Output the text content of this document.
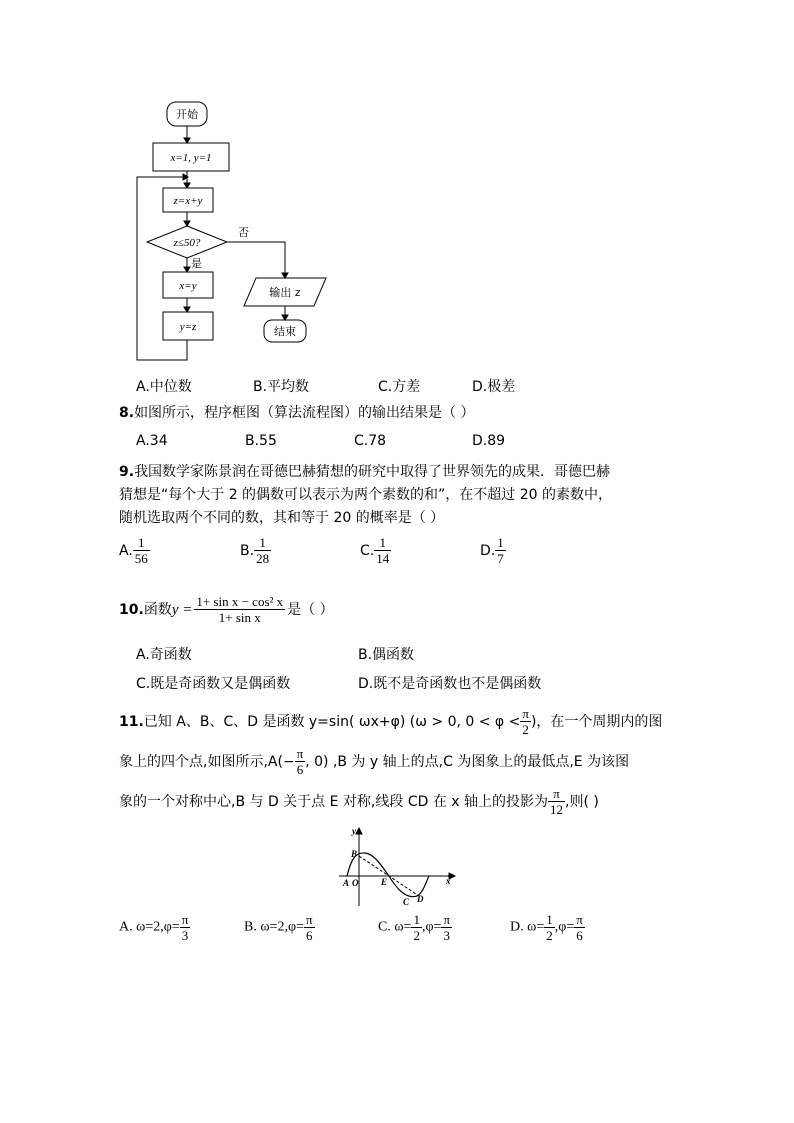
开始
x=1, y=1
z=x+y
z≤50?
否
是
x=y
y=z
输出 z
结束
A.中位数	B.平均数	C.方差	D.极差
8.如图所示，程序框图（算法流程图）的输出结果是（ ）
A.34	B.55	C.78	D.89
9.我国数学家陈景润在哥德巴赫猜想的研究中取得了世界领先的成果．哥德巴赫
猜想是“每个大于 2 的偶数可以表示为两个素数的和”，在不超过 20 的素数中，
随机选取两个不同的数，其和等于 20 的概率是（ ）
A. $\frac{1}{56}$	B. $\frac{1}{28}$	C. $\frac{1}{14}$	D. $\frac{1}{7}$
10.函数$y = \frac{\text{1+ sin x − cos² x}}{\text{1+ sin x}}$ 是（ ）
A.奇函数	B.偶函数
C.既是奇函数又是偶函数	D.既不是奇函数也不是偶函数
11.已知 A、B、C、D 是函数 y=sin( ωx+φ) (ω > 0, $0 < \varphi < \frac{\pi}{2}$ )，在一个周期内的图
象上的四个点,如图所示$,A(- \frac{\pi}{6}$ , 0) ,B 为 y 轴上的点,C 为图象上的最低点,E 为该图
象的一个对称中心,B 与 D 关于点 E 对称,线段 CD 在 x 轴上的投影为 $\frac{\pi}{12}$ ,则( )
y
x
B
A O	E
C D
A. $\omega=2,\varphi= \frac{\pi}{3}$	B. $\omega=2,\varphi= \frac{\pi}{6}$	C. $\omega= \frac{1}{2} ,\varphi= \frac{\pi}{3}$	D. $\omega= \frac{1}{2} ,\varphi= \frac{\pi}{6}$
